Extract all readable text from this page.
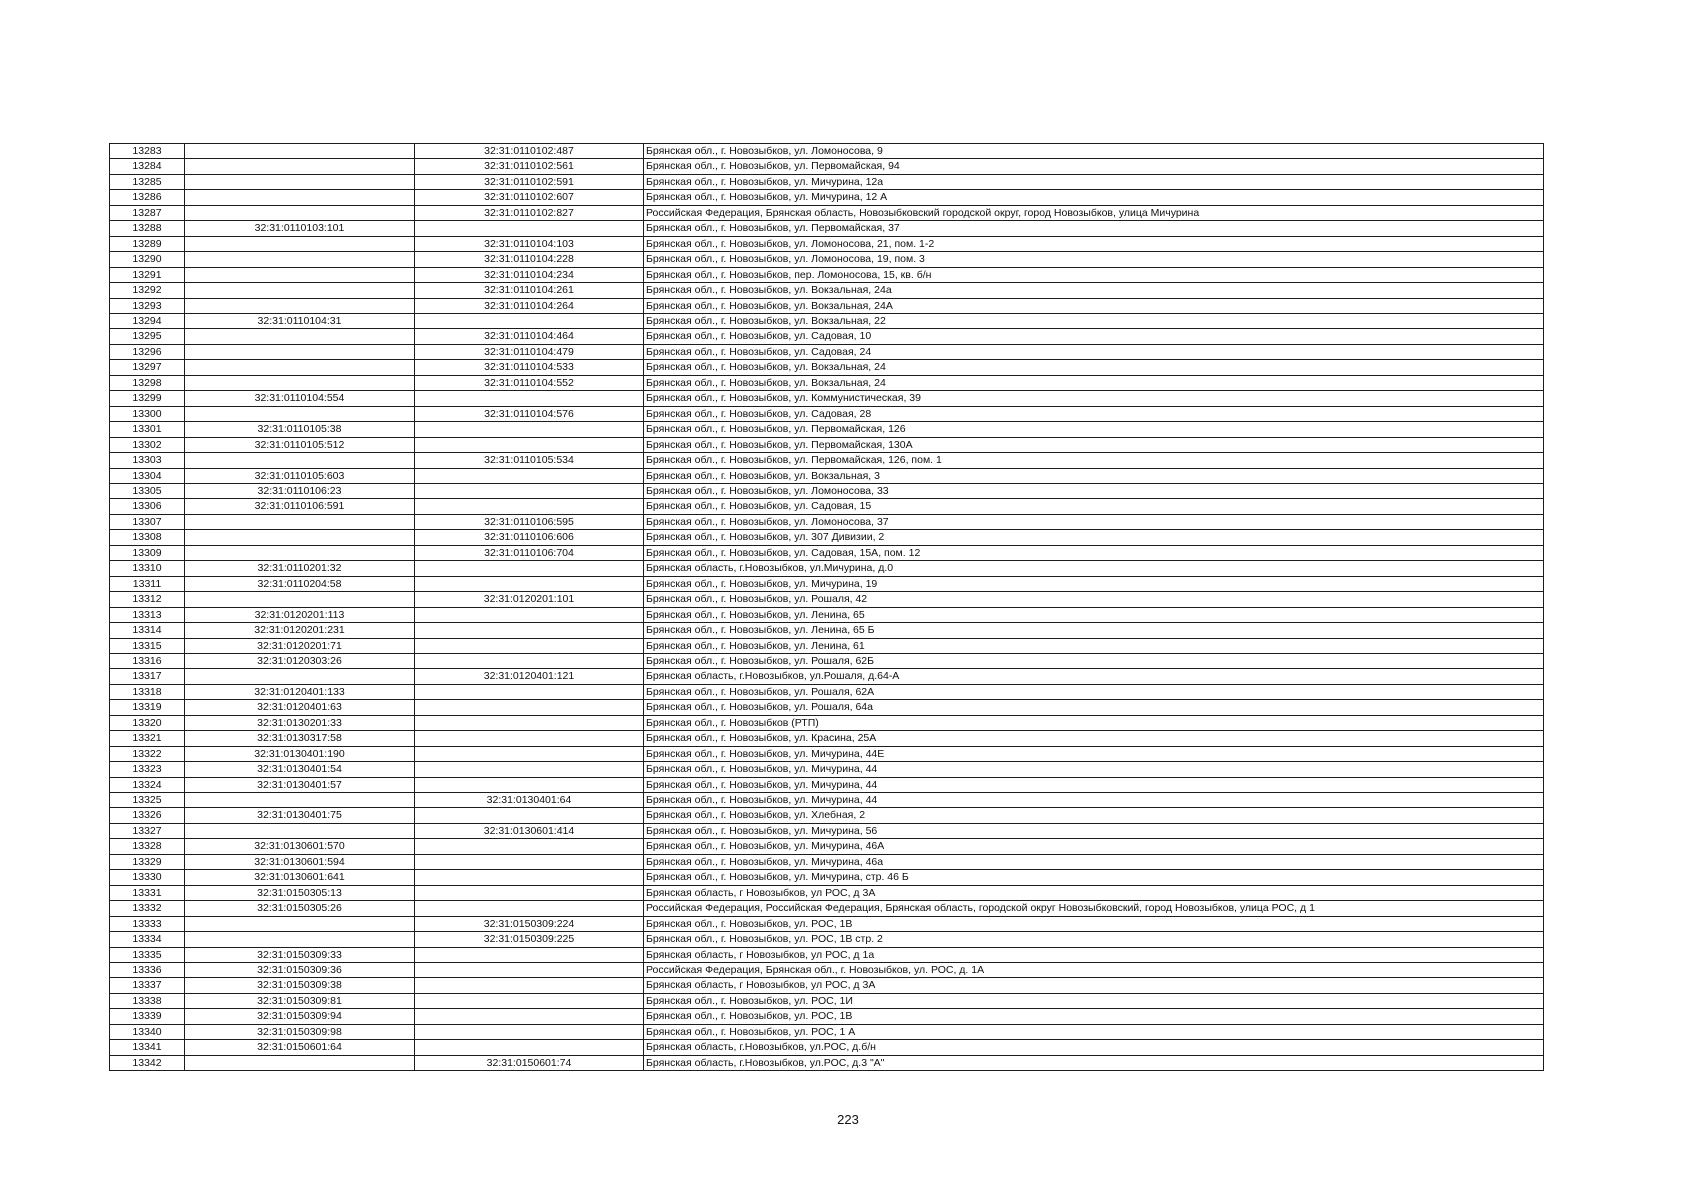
13283		32:31:0110102:487	Брянская обл., г. Новозыбков, ул. Ломоносова, 9
13284		32:31:0110102:561	Брянская обл., г. Новозыбков, ул. Первомайская, 94
13285		32:31:0110102:591	Брянская обл., г. Новозыбков, ул. Мичурина, 12а
13286		32:31:0110102:607	Брянская обл., г. Новозыбков, ул. Мичурина, 12 А
13287		32:31:0110102:827	Российская Федерация, Брянская область, Новозыбковский городской округ, город Новозыбков, улица Мичурина
13288	32:31:0110103:101		Брянская обл., г. Новозыбков, ул. Первомайская, 37
13289		32:31:0110104:103	Брянская обл., г. Новозыбков, ул. Ломоносова, 21, пом. 1-2
13290		32:31:0110104:228	Брянская обл., г. Новозыбков, ул. Ломоносова, 19, пом. 3
13291		32:31:0110104:234	Брянская обл., г. Новозыбков, пер. Ломоносова, 15, кв. б/н
13292		32:31:0110104:261	Брянская обл., г. Новозыбков, ул. Вокзальная, 24а
13293		32:31:0110104:264	Брянская обл., г. Новозыбков, ул. Вокзальная, 24А
13294	32:31:0110104:31		Брянская обл., г. Новозыбков, ул. Вокзальная, 22
13295		32:31:0110104:464	Брянская обл., г. Новозыбков, ул. Садовая, 10
13296		32:31:0110104:479	Брянская обл., г. Новозыбков, ул. Садовая, 24
13297		32:31:0110104:533	Брянская обл., г. Новозыбков, ул. Вокзальная, 24
13298		32:31:0110104:552	Брянская обл., г. Новозыбков, ул. Вокзальная, 24
13299	32:31:0110104:554		Брянская обл., г. Новозыбков, ул. Коммунистическая, 39
13300		32:31:0110104:576	Брянская обл., г. Новозыбков, ул. Садовая, 28
13301	32:31:0110105:38		Брянская обл., г. Новозыбков, ул. Первомайская, 126
13302	32:31:0110105:512		Брянская обл., г. Новозыбков, ул. Первомайская, 130А
13303		32:31:0110105:534	Брянская обл., г. Новозыбков, ул. Первомайская, 126, пом. 1
13304	32:31:0110105:603		Брянская обл., г. Новозыбков, ул. Вокзальная, 3
13305	32:31:0110106:23		Брянская обл., г. Новозыбков, ул. Ломоносова, 33
13306	32:31:0110106:591		Брянская обл., г. Новозыбков, ул. Садовая, 15
13307		32:31:0110106:595	Брянская обл., г. Новозыбков, ул. Ломоносова, 37
13308		32:31:0110106:606	Брянская обл., г. Новозыбков, ул. 307 Дивизии, 2
13309		32:31:0110106:704	Брянская обл., г. Новозыбков, ул. Садовая, 15А, пом. 12
13310	32:31:0110201:32		Брянская область, г.Новозыбков, ул.Мичурина, д.0
13311	32:31:0110204:58		Брянская обл., г. Новозыбков, ул. Мичурина, 19
13312		32:31:0120201:101	Брянская обл., г. Новозыбков, ул. Рошаля, 42
13313	32:31:0120201:113		Брянская обл., г. Новозыбков, ул. Ленина, 65
13314	32:31:0120201:231		Брянская обл., г. Новозыбков, ул. Ленина, 65 Б
13315	32:31:0120201:71		Брянская обл., г. Новозыбков, ул. Ленина, 61
13316	32:31:0120303:26		Брянская обл., г. Новозыбков, ул. Рошаля, 62Б
13317		32:31:0120401:121	Брянская область, г.Новозыбков, ул.Рошаля, д.64-А
13318	32:31:0120401:133		Брянская обл., г. Новозыбков, ул. Рошаля, 62А
13319	32:31:0120401:63		Брянская обл., г. Новозыбков, ул. Рошаля, 64а
13320	32:31:0130201:33		Брянская обл., г. Новозыбков (РТП)
13321	32:31:0130317:58		Брянская обл., г. Новозыбков, ул. Красина, 25А
13322	32:31:0130401:190		Брянская обл., г. Новозыбков, ул. Мичурина, 44Е
13323	32:31:0130401:54		Брянская обл., г. Новозыбков, ул. Мичурина, 44
13324	32:31:0130401:57		Брянская обл., г. Новозыбков, ул. Мичурина, 44
13325		32:31:0130401:64	Брянская обл., г. Новозыбков, ул. Мичурина, 44
13326	32:31:0130401:75		Брянская обл., г. Новозыбков, ул. Хлебная, 2
13327		32:31:0130601:414	Брянская обл., г. Новозыбков, ул. Мичурина, 56
13328	32:31:0130601:570		Брянская обл., г. Новозыбков, ул. Мичурина, 46А
13329	32:31:0130601:594		Брянская обл., г. Новозыбков, ул. Мичурина, 46а
13330	32:31:0130601:641		Брянская обл., г. Новозыбков, ул. Мичурина, стр. 46 Б
13331	32:31:0150305:13		Брянская область, г Новозыбков, ул РОС, д 3А
13332	32:31:0150305:26		Российская Федерация, Российская Федерация, Брянская область, городской округ Новозыбковский, город Новозыбков, улица РОС, д 1
13333		32:31:0150309:224	Брянская обл., г. Новозыбков, ул. РОС, 1В
13334		32:31:0150309:225	Брянская обл., г. Новозыбков, ул. РОС, 1В стр. 2
13335	32:31:0150309:33		Брянская область, г Новозыбков, ул РОС, д 1а
13336	32:31:0150309:36		Российская Федерация, Брянская обл., г. Новозыбков, ул. РОС, д. 1А
13337	32:31:0150309:38		Брянская область, г Новозыбков, ул РОС, д 3А
13338	32:31:0150309:81		Брянская обл., г. Новозыбков, ул. РОС, 1И
13339	32:31:0150309:94		Брянская обл., г. Новозыбков, ул. РОС, 1В
13340	32:31:0150309:98		Брянская обл., г. Новозыбков, ул. РОС, 1 А
13341	32:31:0150601:64		Брянская область, г.Новозыбков, ул.РОС, д.б/н
13342		32:31:0150601:74	Брянская область, г.Новозыбков, ул.РОС, д.3 "А"
223
